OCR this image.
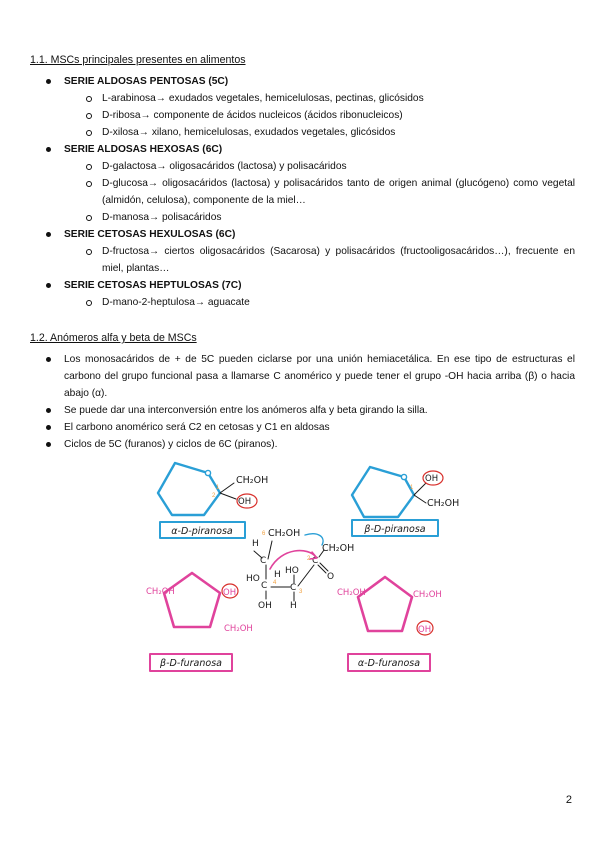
1.1. MSCs principales presentes en alimentos
SERIE ALDOSAS PENTOSAS (5C)
L-arabinosa→ exudados vegetales, hemicelulosas, pectinas, glicósidos
D-ribosa→ componente de ácidos nucleicos (ácidos ribonucleicos)
D-xilosa→ xilano, hemicelulosas, exudados vegetales, glicósidos
SERIE ALDOSAS HEXOSAS (6C)
D-galactosa→ oligosacáridos (lactosa) y polisacáridos
D-glucosa→ oligosacáridos (lactosa) y polisacáridos tanto de origen animal (glucógeno) como vegetal (almidón, celulosa), componente de la miel…
D-manosa→ polisacáridos
SERIE CETOSAS HEXULOSAS (6C)
D-fructosa→ ciertos oligosacáridos (Sacarosa) y polisacáridos (fructooligosacáridos…), frecuente en miel, plantas…
SERIE CETOSAS HEPTULOSAS (7C)
D-mano-2-heptulosa→ aguacate
1.2. Anómeros alfa y beta de MSCs
Los monosacáridos de + de 5C pueden ciclarse por una unión hemiacetálica. En ese tipo de estructuras el carbono del grupo funcional pasa a llamarse C anomérico y puede tener el grupo -OH hacia arriba (β) o hacia abajo (α).
Se puede dar una interconversión entre los anómeros alfa y beta girando la silla.
El carbono anomérico será C2 en cetosas y C1 en aldosas
Ciclos de 5C (furanos) y ciclos de 6C (piranos).
CH₂OH
OH
1
2
α-D-piranosa
OH
CH₂OH
1
β-D-piranosa
CH₂OH
CH₂OH
H
C
C
HO H
OH
C
HO
H
C
O
6
2
4
3
CH₂OH	OH
CH₂OH
β-D-furanosa
CH₂OH	CH₂OH
OH
α-D-furanosa
2
